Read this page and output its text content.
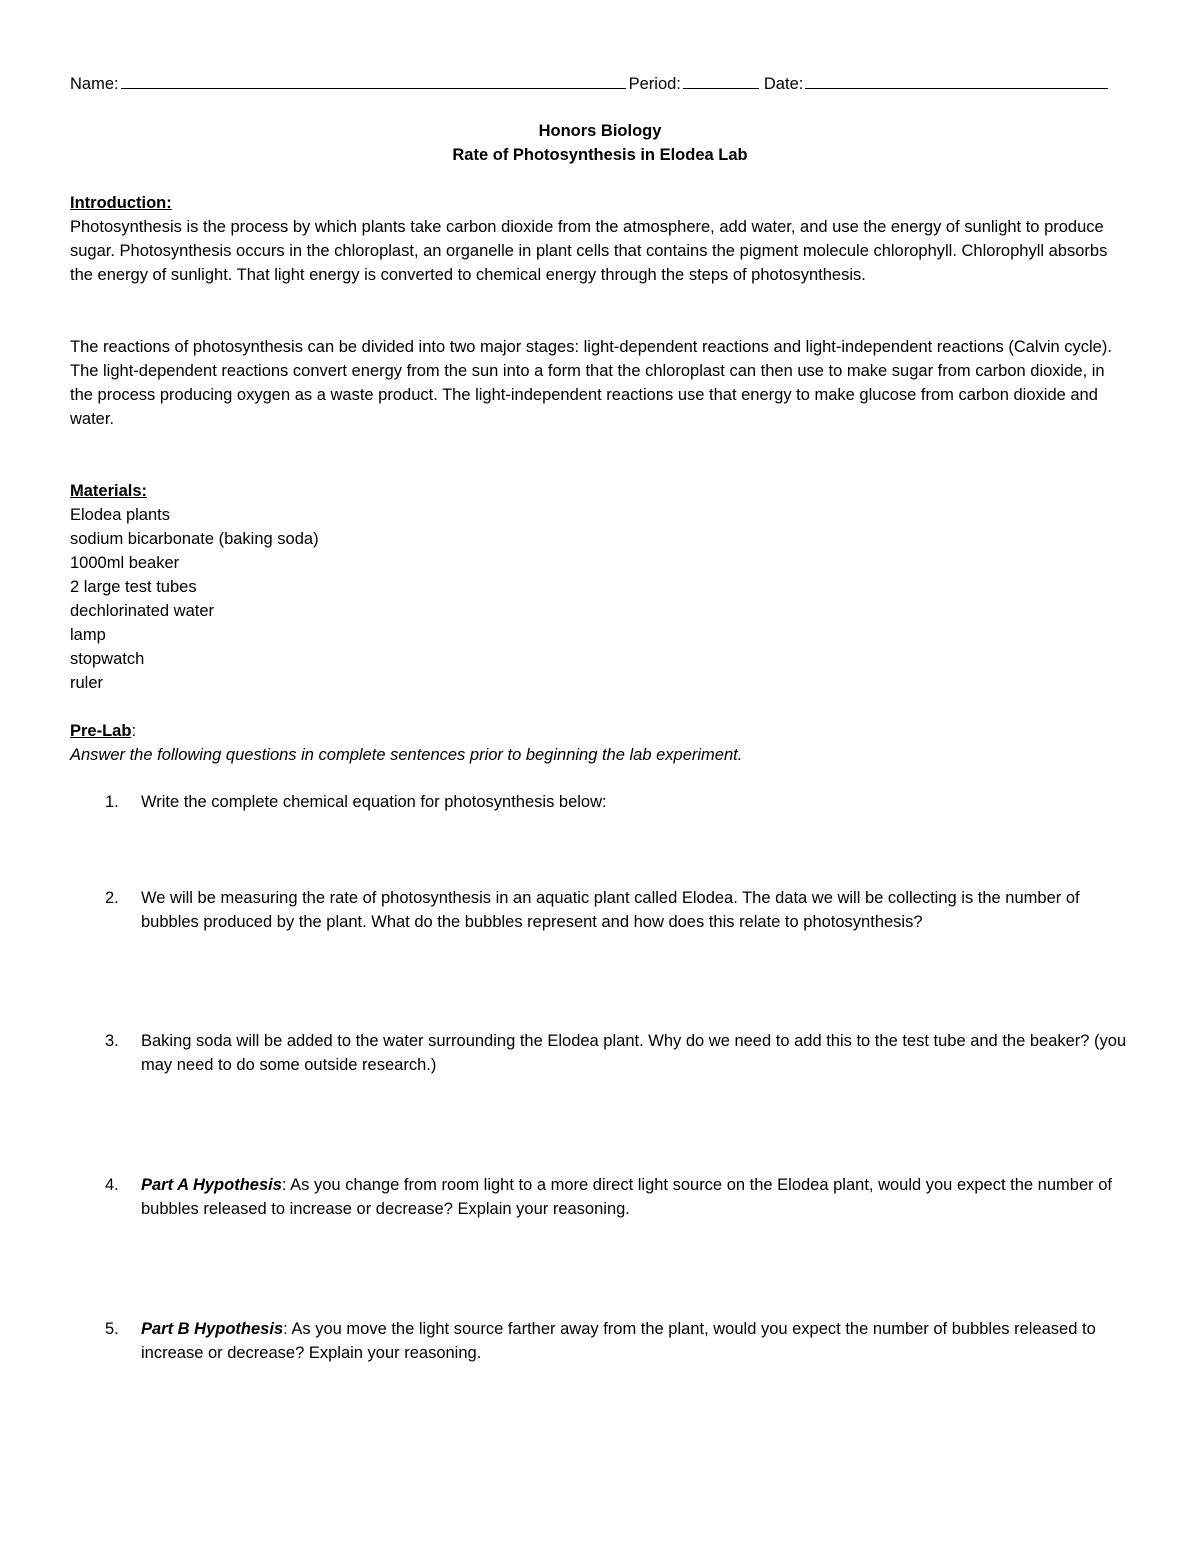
Name:	Period:	Date:
Honors Biology
Rate of Photosynthesis in Elodea Lab
Introduction:

Photosynthesis is the process by which plants take carbon dioxide from the atmosphere, add water, and use the energy of sunlight to produce sugar. Photosynthesis occurs in the chloroplast, an organelle in plant cells that contains the pigment molecule chlorophyll. Chlorophyll absorbs the energy of sunlight. That light energy is converted to chemical energy through the steps of photosynthesis.

The reactions of photosynthesis can be divided into two major stages: light-dependent reactions and light-independent reactions (Calvin cycle). The light-dependent reactions convert energy from the sun into a form that the chloroplast can then use to make sugar from carbon dioxide, in the process producing oxygen as a waste product. The light-independent reactions use that energy to make glucose from carbon dioxide and water.

Materials:
Elodea plants
sodium bicarbonate (baking soda)
1000ml beaker
2 large test tubes
dechlorinated water
lamp
stopwatch
ruler
Pre-Lab:
Answer the following questions in complete sentences prior to beginning the lab experiment.
1.	Write the complete chemical equation for photosynthesis below:
2.	We will be measuring the rate of photosynthesis in an aquatic plant called Elodea. The data we will be collecting is the number of bubbles produced by the plant. What do the bubbles represent and how does this relate to photosynthesis?
3.	Baking soda will be added to the water surrounding the Elodea plant. Why do we need to add this to the test tube and the beaker? (you may need to do some outside research.)
4.	Part A Hypothesis: As you change from room light to a more direct light source on the Elodea plant, would you expect the number of bubbles released to increase or decrease? Explain your reasoning.
5.	Part B Hypothesis: As you move the light source farther away from the plant, would you expect the number of bubbles released to increase or decrease? Explain your reasoning.
